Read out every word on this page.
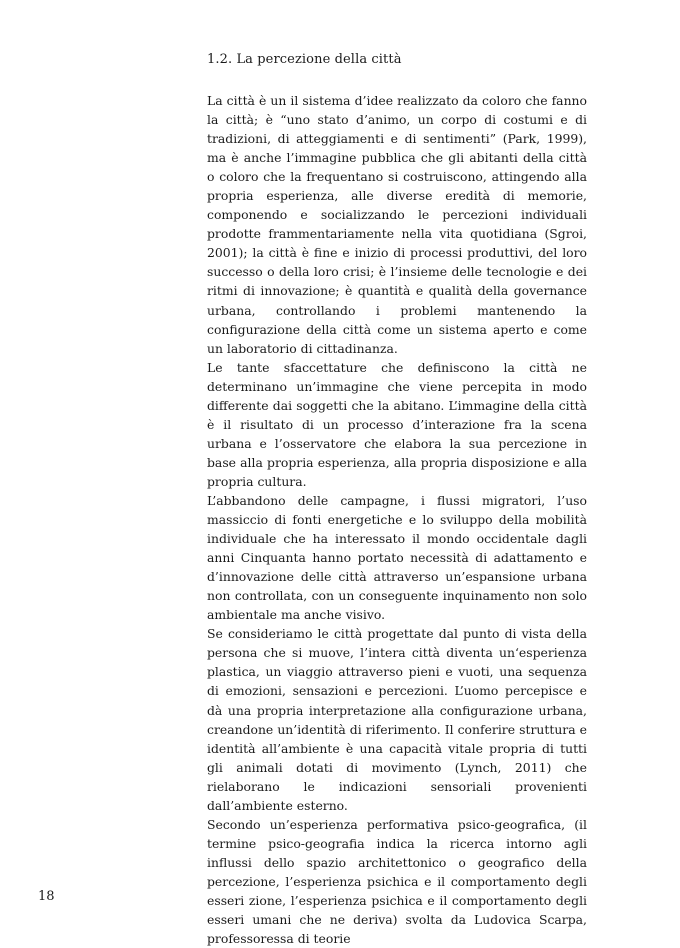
1.2. La percezione della città

La città è un il sistema d’idee realizzato da coloro che fanno la città; è “uno stato d’animo, un corpo di costumi e di tradizioni, di atteggiamenti e di sentimenti” (Park, 1999), ma è anche l’immagine pubblica che gli abitanti della città o coloro che la frequentano si costruiscono, attingendo alla propria esperienza, alle diverse eredità di memorie, componendo e socializzando le percezioni individuali prodotte frammentariamente nella vita quotidiana (Sgroi, 2001); la città è fine e inizio di processi produttivi, del loro successo o della loro crisi; è l’insieme delle tecnologie e dei ritmi di innovazione; è quantità e qualità della governance urbana, controllando i problemi mantenendo la configurazione della città come un sistema aperto e come un laboratorio di cittadinanza.

Le tante sfaccettature che definiscono la città ne determinano un’immagine che viene percepita in modo differente dai soggetti che la abitano. L’immagine della città è il risultato di un processo d’interazione fra la scena urbana e l’osservatore che elabora la sua percezione in base alla propria esperienza, alla propria disposizione e alla propria cultura.

L’abbandono delle campagne, i flussi migratori, l’uso massiccio di fonti energetiche e lo sviluppo della mobilità individuale che ha interessato il mondo occidentale dagli anni Cinquanta hanno portato necessità di adattamento e d’innovazione delle città attraverso un’espansione urbana non controllata, con un conseguente inquinamento non solo ambientale ma anche visivo.

Se consideriamo le città progettate dal punto di vista della persona che si muove, l’intera città diventa un‘esperienza plastica, un viaggio attraverso pieni e vuoti, una sequenza di emozioni, sensazioni e percezioni. L’uomo percepisce e dà una propria interpretazione alla configurazione urbana, creandone un’identità di riferimento. Il conferire struttura e identità all’ambiente è una capacità vitale propria di tutti gli animali dotati di movimento (Lynch, 2011) che rielaborano le indicazioni sensoriali provenienti dall’ambiente esterno.

Secondo un’esperienza performativa psico-geografica, (il termine psico-geografia indica la ricerca intorno agli influssi dello spazio architettonico o geografico della percezione, l’esperienza psichica e il comportamento degli esseri zione, l’esperienza psichica e il comportamento degli esseri umani che ne deriva) svolta da Ludovica Scarpa, professoressa di teorie

18
